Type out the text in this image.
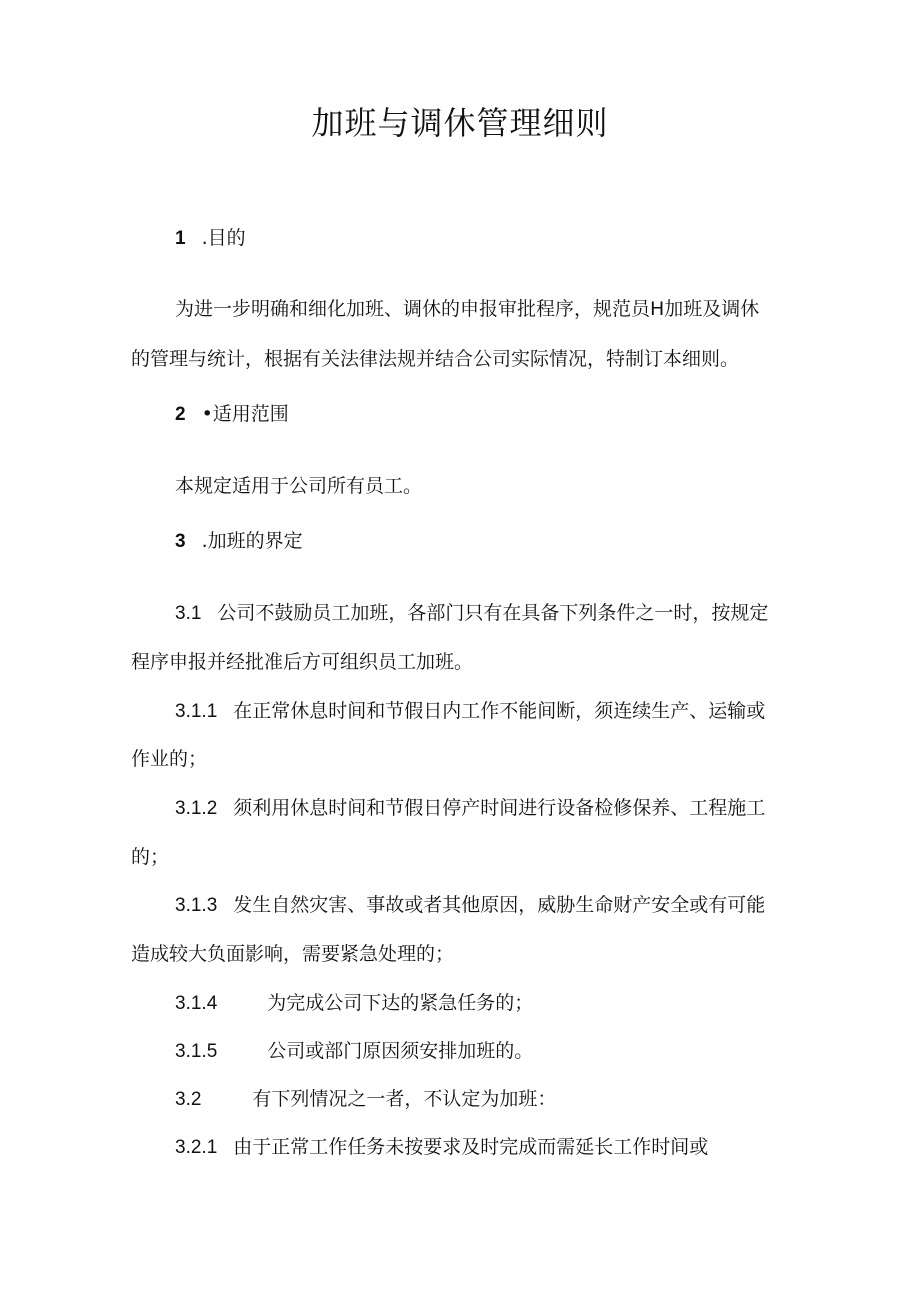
加班与调休管理细则
1 .目的
为进一步明确和细化加班、调休的申报审批程序，规范员H加班及调休
的管理与统计，根据有关法律法规并结合公司实际情况，特制订本细则。
2 •适用范围
本规定适用于公司所有员工。
3 .加班的界定
3.1 公司不鼓励员工加班，各部门只有在具备下列条件之一时，按规定
程序申报并经批准后方可组织员工加班。
3.1.1 在正常休息时间和节假日内工作不能间断，须连续生产、运输或
作业的；
3.1.2 须利用休息时间和节假日停产时间进行设备检修保养、工程施工
的；
3.1.3 发生自然灾害、事故或者其他原因，威胁生命财产安全或有可能
造成较大负面影响，需要紧急处理的；
3.1.4	为完成公司下达的紧急任务的；
3.1.5	公司或部门原因须安排加班的。
3.2	有下列情况之一者，不认定为加班：
3.2.1 由于正常工作任务未按要求及时完成而需延长工作时间或
